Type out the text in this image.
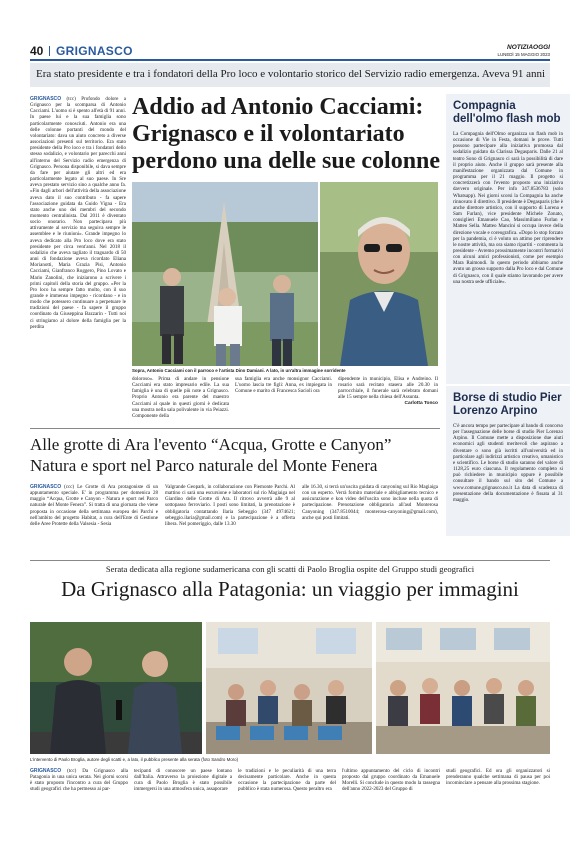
40 GRIGNASCO	NOTIZIAOGGI
LUNEDÌ 15 MAGGIO 2023
Era stato presidente e tra i fondatori della Pro loco e volontario storico del Servizio radio emergenza. Aveva 91 anni
GRIGNASCO (tcc) Profondo dolore a Grignasco per la scomparsa di Antonio Cacciami. L'uomo si è spento all'età di 91 anni. In paese lui e la sua famiglia sono particolarmente conosciuti. Antonio era una delle colonne portanti del mondo del volontariato: dava un aiuto concreto a diverse associazioni presenti sul territorio. Era stato presidente della Pro loco e tra i fondatori dello stesso sodalizio, e volontario per parecchi anni all'interno del Servizio radio emergenza di Grignasco. Persona disponibile, si dava sempre da fare per aiutare gli altri ed era particolarmente legato al suo paese. In Sre aveva prestato servizio sino a qualche anno fa. «Fin dagli arbori dell'attività della associazione aveva dato il suo contributo - fa sapere l'associazione guidata da Guido Vigna - Era stato anche uno dei membri del secondo momento centralinista. Dal 2011 è diventato socio onorario. Non partecipava più attivamente al servizio ma seguiva sempre le assemblee e le riunioni». Grande impegno lo aveva dedicato alla Pro loco dove era stato presidente per circa vent'anni. Nel 2018 il sodalizio che aveva tagliato il traguardo di 50 anni di fondazione aveva ricordato Eliana Morianotti, Maria Grazia Pisi, Antonio Cacciami, Gianfranco Roggero, Pino Lovato e Mario Zanolini, che iniziarono a scrivere i primi capitoli della storia del gruppo. «Per la Pro loco ha sempre fatto molto, con il suo grande e immenso impegno - ricordano - e in modo che potessero continuare a perpetuare le tradizioni del paese - fa sapere il gruppo coordinato da Giuseppina Bazzarin - Tutti noi ci stringiamo al dolore della famiglia per la perdita
Addio ad Antonio Cacciami:
Grignasco e il volontariato
perdono una delle sue colonne
Sopra, Antonio Cacciami con il parroco e l'artista Dino Damiani. A lato, in un'altra immagine sorridente
doloroso». Prima di andare in pensione Cacciami era stato impresario edile. La sua famiglia è una di quelle più note a Grignasco. Proprio Antonio era parente del maestro Cacciami al quale in questi giorni è dedicata una mostra nella sala polivalente in via Peiazzi. Componente della
sua famiglia era anche monsignor Cacciami. L'uomo lascia tre figli: Anna, ex impiegata in Comune e marito di Francesca Sacioli ora
dipendente in municipio, Elisa e Andreino. Il rosario sarà recitato stasera alle 20.30 in parrocchiale, il funerale sarà celebrato domani alle 15 sempre nella chiesa dell'Assunta.
Carlotta Tonco
Compagnia dell'olmo flash mob
La Compagnia dell'Olmo organizza un flash mob in occasione di Vie in Festa, domani le prove. Tutti possono partecipare alla iniziativa promossa dal sodalizio guidato da Clarissa Degasparis. Dalle 21 al teatro Sono di Grignasco ci sarà la possibilità di dare il proprio aiuto. Anche il gruppo sarà presente alla manifestazione organizzata dal Comune in programma per il 21 maggio. Il progetto si concretizzerà con l'evento proposto una iniziativa davvero originale. Per info 347.8536783 (solo Whatsapp). Nei giorni scorsi la Compagnia ha anche rinnovato il direttivo. Il presidente è Degasparis (che è anche direttore artistico, con il supporto di Lorena e Sam Furlan), vice presidente Michele Zonato, consiglieri Emanuele Cao, Massimiliano Furlan e Matteo Sella. Matteo Mancini si occupa invece della direzione vocale e coreografica. «Dopo lo stop forzato per la pandemia, ci è voluto un attimo per riprendere le nostre attività, ma ora siamo ripartiti - commenta la presidente - Avremo prossimamente incontri formativi con alcuni amici professionisti, come per esempio Mara Raimondi. In questo periodo abbiamo anche avuto un grosso supporto dalla Pro loco e dal Comune di Grignasco, con il quale stiamo lavorando per avere una nostra sede ufficiale».
Borse di studio Pier Lorenzo Arpino
C'è ancora tempo per partecipare al bando di concorso per l'assegnazione delle borse di studio Pier Lorenzo Arpino. Il Comune mette a disposizione due aiuti economici agli studenti meritevoli che aspirano a diventare o sono già iscritti all'università ed in particolare agli indirizzi artistico creativo, umanistico e scientifico. Le borse di studio saranno del valore di 1128,25 euro ciascuna. Il regolamento completo si può richiedere in municipio oppure è possibile consultare il bando sul sito del Comune a www.comune.grignasco.no.it La data di scadenza di presentazione della documentazione è fissata al 31 maggio.
Alle grotte di Ara l'evento “Acqua, Grotte e Canyon”
Natura e sport nel Parco naturale del Monte Fenera
GRIGNASCO (ccc) Le Grotte di Ara protagoniste di un appuntamento speciale. E' in programma per domenica 28 maggio “Acqua, Grotte e Canyon - Natura e sport nel Parco naturale del Monte Fenera”. Si tratta di una giornata che viene proposta in occasione della settimana europea dei Parchi e nell'ambito del progetto Habitat, a cura dell'Ente di Gestione delle Aree Protette della Valsesia - Sesia
Valgrande Geopark, in collaborazione con Piemonte Parchi. Al mattino ci sarà una escursione e laboratori sul rio Magiaiga nel Giardino delle Grotte di Ara. Il ritrovo avverrà alle 9 al sottopasso ferroviario. I posti sono limitati, la prenotazione è obbligatoria contattando Ilaria Sebeggio (347 4974621; sebeggio.ilaria@gmail.com) e la partecipazione è a offerta libera. Nel pomeriggio, dalle 13.30
alle 16.30, si terrà un'uscita guidata di canyoning sul Rio Magiaiga con un esperto. Verrà fornito materiale e abbigliamento tecnico e assicurazione e kon video dell'uscita sono incluse nella quota di partecipazione. Prenotazione obbligatoria all'asd Monterosa Canyoning (347.8510044; monterosa-canyoning@gmail.com), anche qui posti limitati.
Serata dedicata alla regione sudamericana con gli scatti di Paolo Broglia ospite del Gruppo studi geografici
Da Grignasco alla Patagonia: un viaggio per immagini
L'intervento di Paolo Broglia, autore degli scatti e, a lato, il pubblico presente alla serata (foto Sandro Moro)
GRIGNASCO (tcc) Da Grignasco alla Patagonia in una unica serata. Nei giorni scorsi è stato proposto l'incontro a cura del Gruppo studi geografici che ha permesso ai par-
tecipanti di conoscere un paese lontano dall'Italia. Attraverso la proiezione digitale a cura di Paolo Broglia è stato possibile immergersi in una atmosfera unica, assaporare
le tradizioni e le peculiarità di una terra decisamente particolare. Anche in questa occasione la partecipazione da parte del pubblico è stata numerosa. Questo peraltro era
l'ultimo appuntamento del ciclo di incontri proposto dal gruppo coordinato da Emanuele Morelli. Si conclude in questo modo la rassegna dell'anno 2022-2023 del Gruppo di
studi geografici. Ed ora gli organizzatori si prenderanno qualche settimana di pausa per poi incominciare a pensare alla prossima stagione.
